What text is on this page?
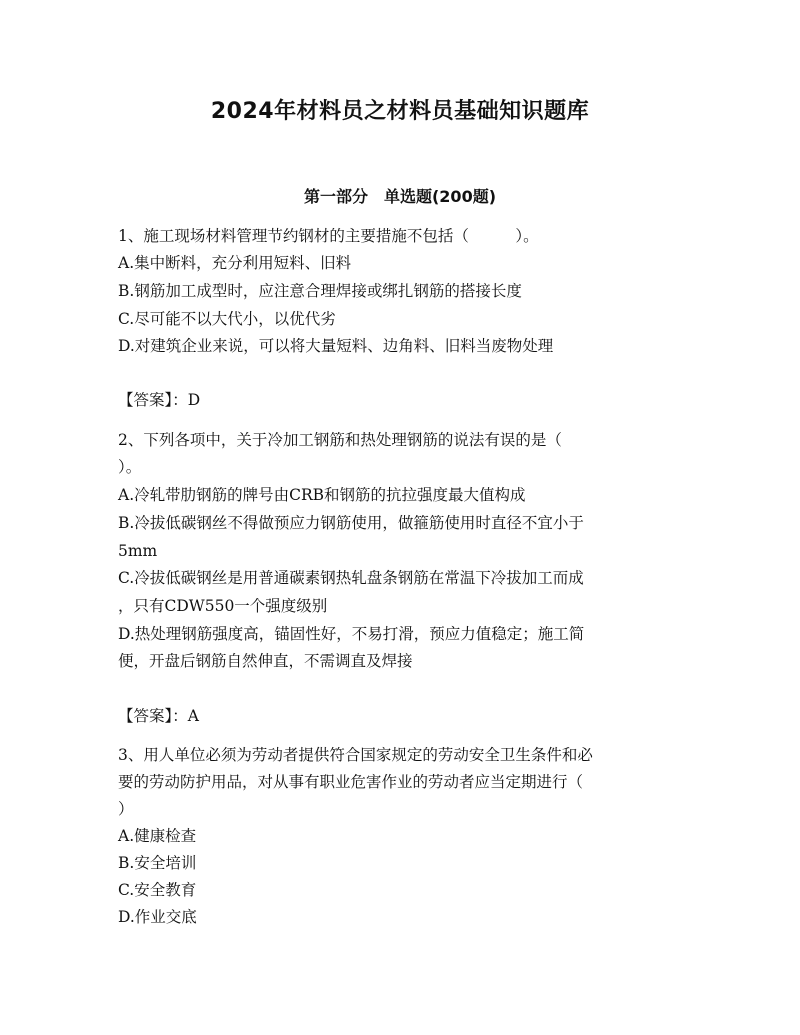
2024年材料员之材料员基础知识题库
第一部分　单选题(200题)
1、施工现场材料管理节约钢材的主要措施不包括（　　　）。
A.集中断料，充分利用短料、旧料
B.钢筋加工成型时，应注意合理焊接或绑扎钢筋的搭接长度
C.尽可能不以大代小，以优代劣
D.对建筑企业来说，可以将大量短料、边角料、旧料当废物处理
【答案】：D
2、下列各项中，关于冷加工钢筋和热处理钢筋的说法有误的是（
）。
A.冷轧带肋钢筋的牌号由CRB和钢筋的抗拉强度最大值构成
B.冷拔低碳钢丝不得做预应力钢筋使用，做箍筋使用时直径不宜小于
5mm
C.冷拔低碳钢丝是用普通碳素钢热轧盘条钢筋在常温下冷拔加工而成
，只有CDW550一个强度级别
D.热处理钢筋强度高，锚固性好，不易打滑，预应力值稳定；施工简
便，开盘后钢筋自然伸直，不需调直及焊接
【答案】：A
3、用人单位必须为劳动者提供符合国家规定的劳动安全卫生条件和必
要的劳动防护用品，对从事有职业危害作业的劳动者应当定期进行（
）
A.健康检查
B.安全培训
C.安全教育
D.作业交底
